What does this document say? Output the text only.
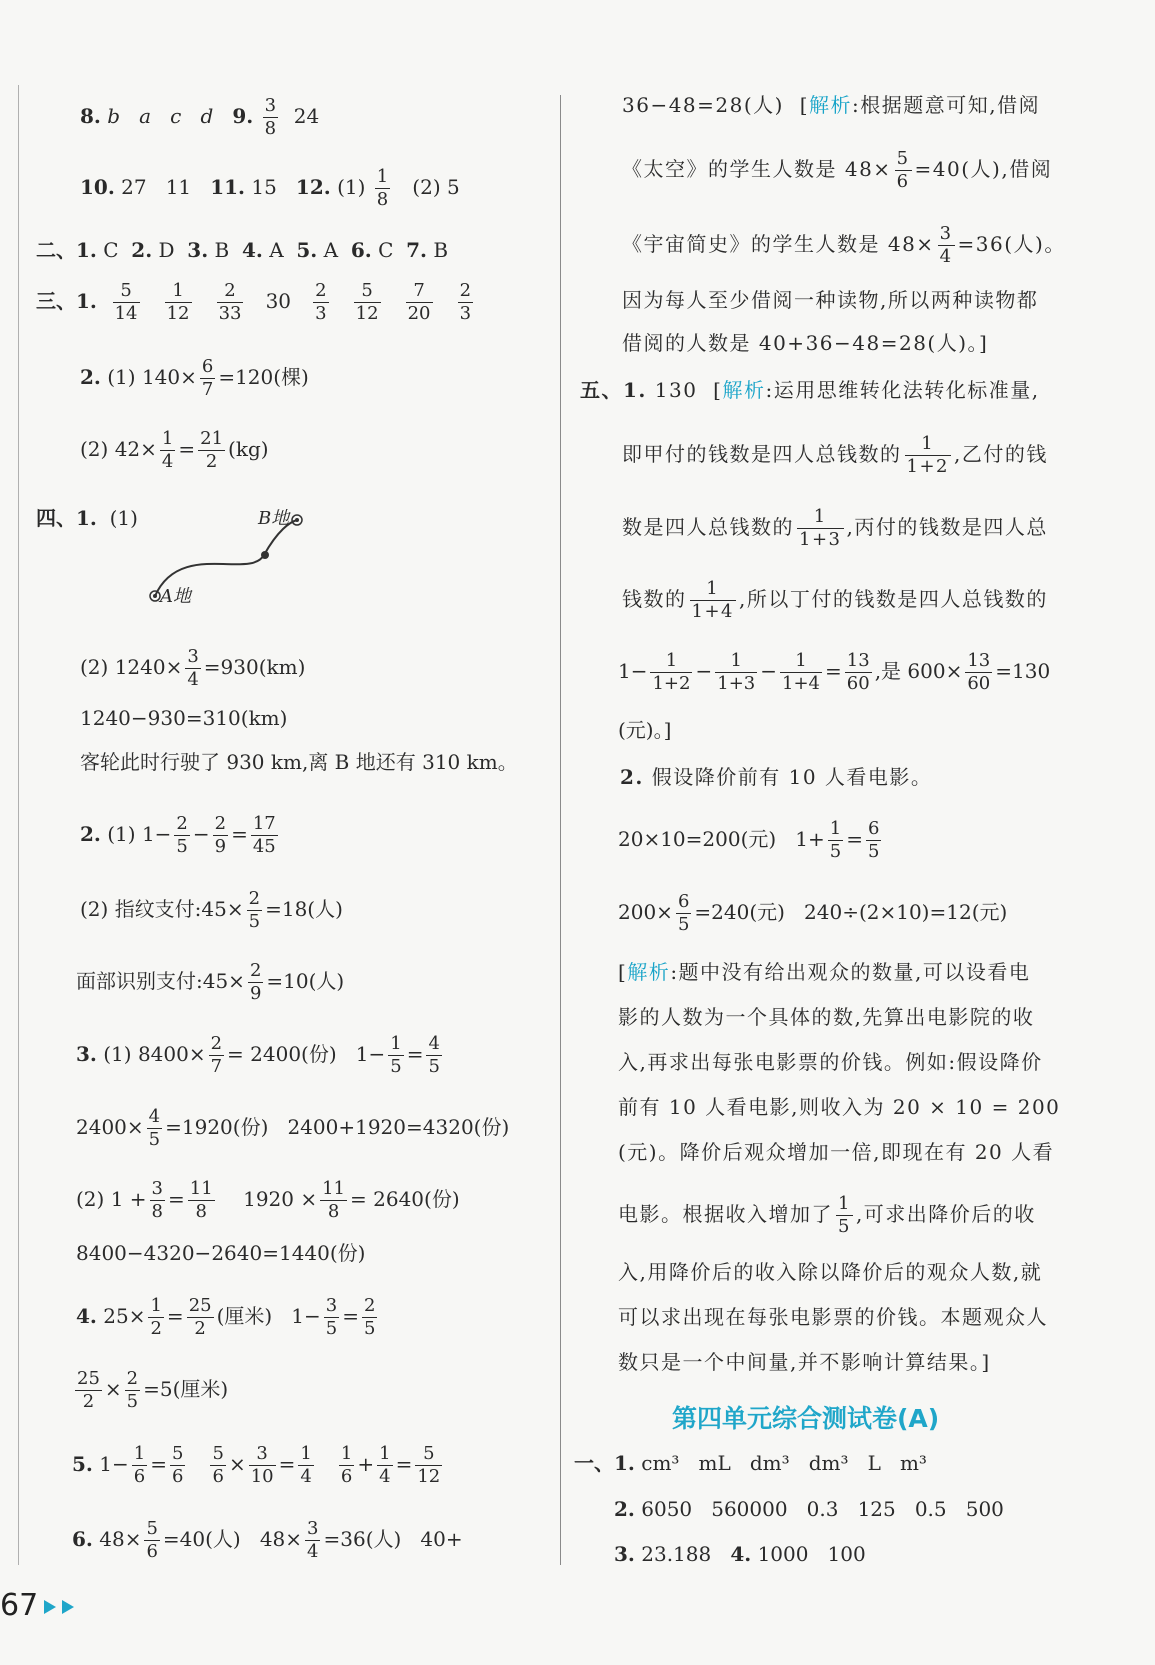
8. b a c d 9. $\frac{3}{8} 24$
10. 27 11 11. 15 12. $(1) \frac{1}{8} (2)$ 5
二、1. C 2. D 3. B 4. A 5. A 6. C 7. B
三、1. $\frac{5}{14}$
$\frac{1}{12}$
$\frac{2}{33} 30 \frac{2}{3}$
$\frac{5}{12}$
$\frac{7}{20}$
$\frac{2}{3}$
2. (1) $140\times \frac{6}{7} =120$(棵)
(2) $42\times \frac{1}{4} = \frac{21}{2} (kg)$
四、1. (1)	B地
A地
(2) $1240\times \frac{3}{4} =930(km)$
1240−930=310(km)
客轮此时行驶了 930 km,离 B 地还有 310 km。
2. (1) $1- \frac{2}{5} - \frac{2}{9} = \frac{17}{45}$
(2) 指纹支付:45× $\frac{2}{5} =18$(人)
面部识别支付:45× $\frac{2}{9} =10$(人)
3. (1) $8400\times \frac{2}{7} = 2400$(份) $1- \frac{1}{5} = \frac{4}{5}$
$2400\times \frac{4}{5} =1920$(份) 2400+1920=4320(份)
(2) $1 + \frac{3}{8} = \frac{11}{8} 1920 \times \frac{11}{8} = 2640$(份)
8400−4320−2640=1440(份)
4. $25\times \frac{1}{2} = \frac{25}{2}$ (厘米) $1- \frac{3}{5} = \frac{2}{5}$
$\frac{25}{2} \times \frac{2}{5} =5$(厘米)
5. $1- \frac{1}{6} = \frac{5}{6}$
$\frac{5}{6} \times \frac{3}{10} = \frac{1}{4}$
$\frac{1}{6} + \frac{1}{4} = \frac{5}{12}$
6. $48\times \frac{5}{6} =40$(人) $48\times \frac{3}{4} =36$(人) 40+
36−48=28(人) [解析:根据题意可知,借阅
《太空》的学生人数是 $48\times \frac{5}{6} =40$(人),借阅
《宇宙简史》的学生人数是 $48\times \frac{3}{4} =36$(人)。
因为每人至少借阅一种读物,所以两种读物都
借阅的人数是 40+36−48=28(人)。]
五、1. 130 [解析:运用思维转化法转化标准量,
即甲付的钱数是四人总钱数的 $\frac{1}{1+2}$ ,乙付的钱
数是四人总钱数的 $\frac{1}{1+3}$ ,丙付的钱数是四人总
钱数的 $\frac{1}{1+4}$ ,所以丁付的钱数是四人总钱数的
$1- \frac{1}{1+2} - \frac{1}{1+3} - \frac{1}{1+4} = \frac{13}{60}$ ,是 $600\times \frac{13}{60} =130$
(元)。]
2. 假设降价前有 10 人看电影。
20×10=200(元) $1+ \frac{1}{5} = \frac{6}{5}$
$200\times \frac{6}{5} =240$(元) 240÷(2×10)=12(元)
[解析:题中没有给出观众的数量,可以设看电
影的人数为一个具体的数,先算出电影院的收
入,再求出每张电影票的价钱。例如:假设降价
前有 10 人看电影,则收入为 20 × 10 = 200
(元)。降价后观众增加一倍,即现在有 20 人看
电影。根据收入增加了 $\frac{1}{5}$ ,可求出降价后的收
入,用降价后的收入除以降价后的观众人数,就
可以求出现在每张电影票的价钱。本题观众人
数只是一个中间量,并不影响计算结果。]
第四单元综合测试卷(A)
一、1. cm³ mL dm³ dm³ L m³
2. 6050 560000 0.3 125 0.5 500
3. 23.188 4. 1000 100
67
